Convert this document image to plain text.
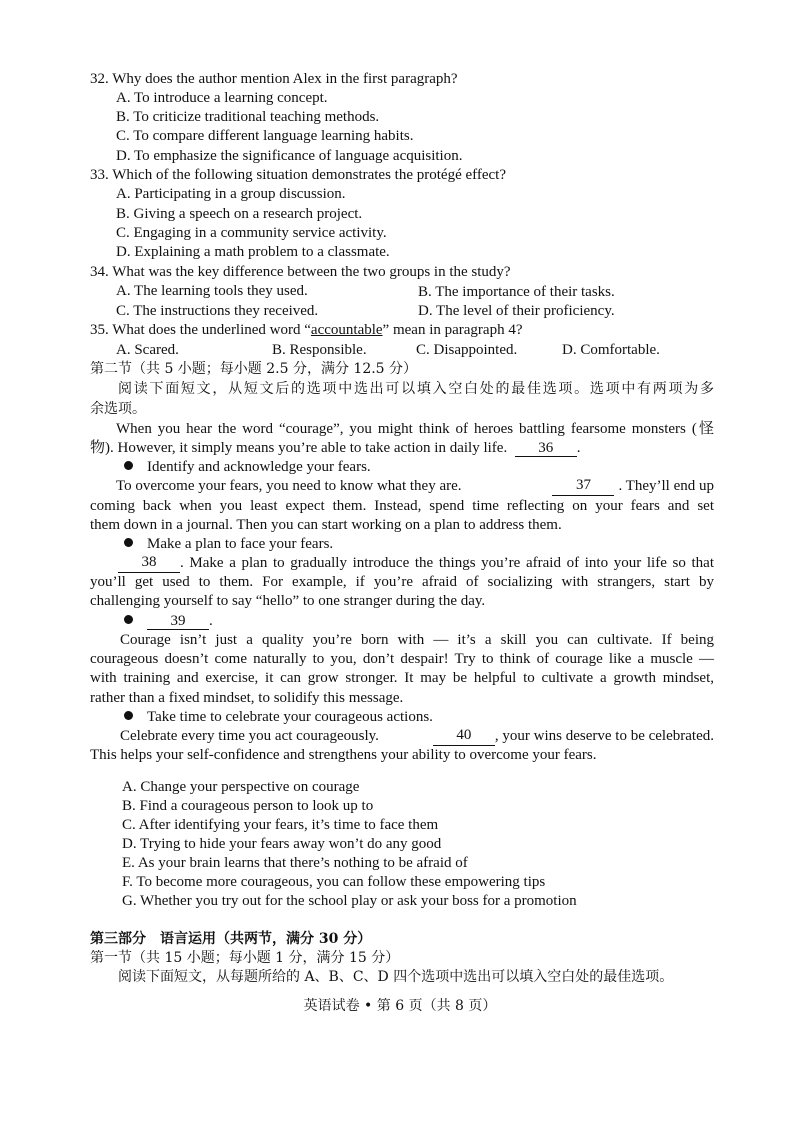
32. Why does the author mention Alex in the first paragraph?
A. To introduce a learning concept.
B. To criticize traditional teaching methods.
C. To compare different language learning habits.
D. To emphasize the significance of language acquisition.
33. Which of the following situation demonstrates the protégé effect?
A. Participating in a group discussion.
B. Giving a speech on a research project.
C. Engaging in a community service activity.
D. Explaining a math problem to a classmate.
34. What was the key difference between the two groups in the study?
A. The learning tools they used.	B. The importance of their tasks.
C. The instructions they received.	D. The level of their proficiency.
35. What does the underlined word “accountable” mean in paragraph 4?
A. Scared.	B. Responsible.	C. Disappointed.	D. Comfortable.
第二节（共 5 小题；每小题 2.5 分，满分 12.5 分）
阅读下面短文，从短文后的选项中选出可以填入空白处的最佳选项。选项中有两项为多
余选项。
When you hear the word “courage”, you might think of heroes battling fearsome monsters (怪
物). However, it simply means you’re able to take action in daily life. 36 .
Identify and acknowledge your fears.
To overcome your fears, you need to know what they are.	37	. They’ll end up
coming back when you least expect them. Instead, spend time reflecting on your fears and set
them down in a journal. Then you can start working on a plan to address them.
Make a plan to face your fears.
38	. Make a plan to gradually introduce the things you’re afraid of into your life so that
you’ll get used to them. For example, if you’re afraid of socializing with strangers, start by
challenging yourself to say “hello” to one stranger during the day.
39 .
Courage isn’t just a quality you’re born with — it’s a skill you can cultivate. If being
courageous doesn’t come naturally to you, don’t despair! Try to think of courage like a muscle —
with training and exercise, it can grow stronger. It may be helpful to cultivate a growth mindset,
rather than a fixed mindset, to solidify this message.
Take time to celebrate your courageous actions.
Celebrate every time you act courageously.	40	, your wins deserve to be celebrated.
This helps your self-confidence and strengthens your ability to overcome your fears.
A. Change your perspective on courage
B. Find a courageous person to look up to
C. After identifying your fears, it’s time to face them
D. Trying to hide your fears away won’t do any good
E. As your brain learns that there’s nothing to be afraid of
F. To become more courageous, you can follow these empowering tips
G. Whether you try out for the school play or ask your boss for a promotion
第三部分　语言运用（共两节，满分 30 分）
第一节（共 15 小题；每小题 1 分，满分 15 分）
阅读下面短文，从每题所给的 A、B、C、D 四个选项中选出可以填入空白处的最佳选项。
英语试卷 • 第 6 页（共 8 页）
